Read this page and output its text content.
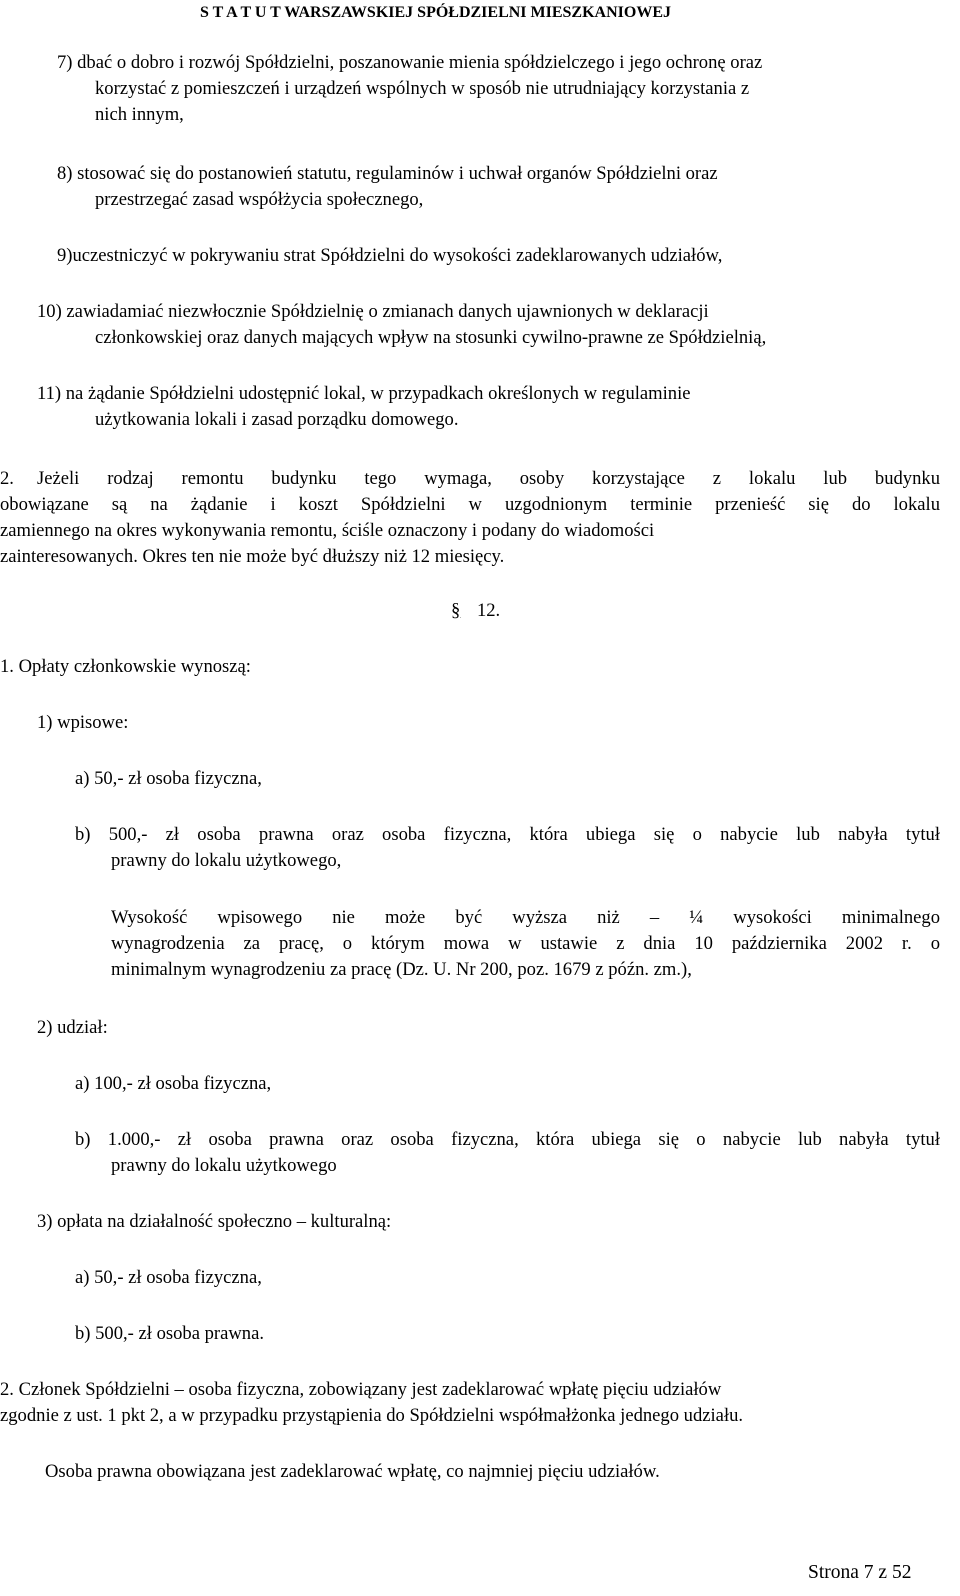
S T A T U T WARSZAWSKIEJ SPÓŁDZIELNI MIESZKANIOWEJ
7) dbać o dobro i rozwój Spółdzielni, poszanowanie mienia spółdzielczego i jego ochronę oraz
korzystać z pomieszczeń i urządzeń wspólnych w sposób nie utrudniający korzystania z
nich innym,
8) stosować się do postanowień statutu, regulaminów i uchwał organów Spółdzielni oraz
przestrzegać zasad współżycia społecznego,
9)uczestniczyć w pokrywaniu strat Spółdzielni do wysokości zadeklarowanych udziałów,
10) zawiadamiać niezwłocznie Spółdzielnię o zmianach danych ujawnionych w deklaracji
członkowskiej oraz danych mających wpływ na stosunki cywilno-prawne ze Spółdzielnią,
11) na żądanie Spółdzielni udostępnić lokal, w przypadkach określonych w regulaminie
użytkowania lokali i zasad porządku domowego.
2. Jeżeli rodzaj remontu budynku tego wymaga, osoby korzystające z lokalu lub budynku
obowiązane są na żądanie i koszt Spółdzielni w uzgodnionym terminie przenieść się do lokalu
zamiennego na okres wykonywania remontu, ściśle oznaczony i podany do wiadomości
zainteresowanych. Okres ten nie może być dłuższy niż 12 miesięcy.
§ 12.
1. Opłaty członkowskie wynoszą:
1) wpisowe:
a) 50,- zł osoba fizyczna,
b) 500,- zł osoba prawna oraz osoba fizyczna, która ubiega się o nabycie lub nabyła tytuł
prawny do lokalu użytkowego,
Wysokość wpisowego nie może być wyższa niż – ¼ wysokości minimalnego
wynagrodzenia za pracę, o którym mowa w ustawie z dnia 10 października 2002 r. o
minimalnym wynagrodzeniu za pracę (Dz. U. Nr 200, poz. 1679 z późn. zm.),
2) udział:
a) 100,- zł osoba fizyczna,
b) 1.000,- zł osoba prawna oraz osoba fizyczna, która ubiega się o nabycie lub nabyła tytuł
prawny do lokalu użytkowego
3) opłata na działalność społeczno – kulturalną:
a) 50,- zł osoba fizyczna,
b) 500,- zł osoba prawna.
2. Członek Spółdzielni – osoba fizyczna, zobowiązany jest zadeklarować wpłatę pięciu udziałów
zgodnie z ust. 1 pkt 2, a w przypadku przystąpienia do Spółdzielni współmałżonka jednego udziału.
Osoba prawna obowiązana jest zadeklarować wpłatę, co najmniej pięciu udziałów.
Strona 7 z 52
